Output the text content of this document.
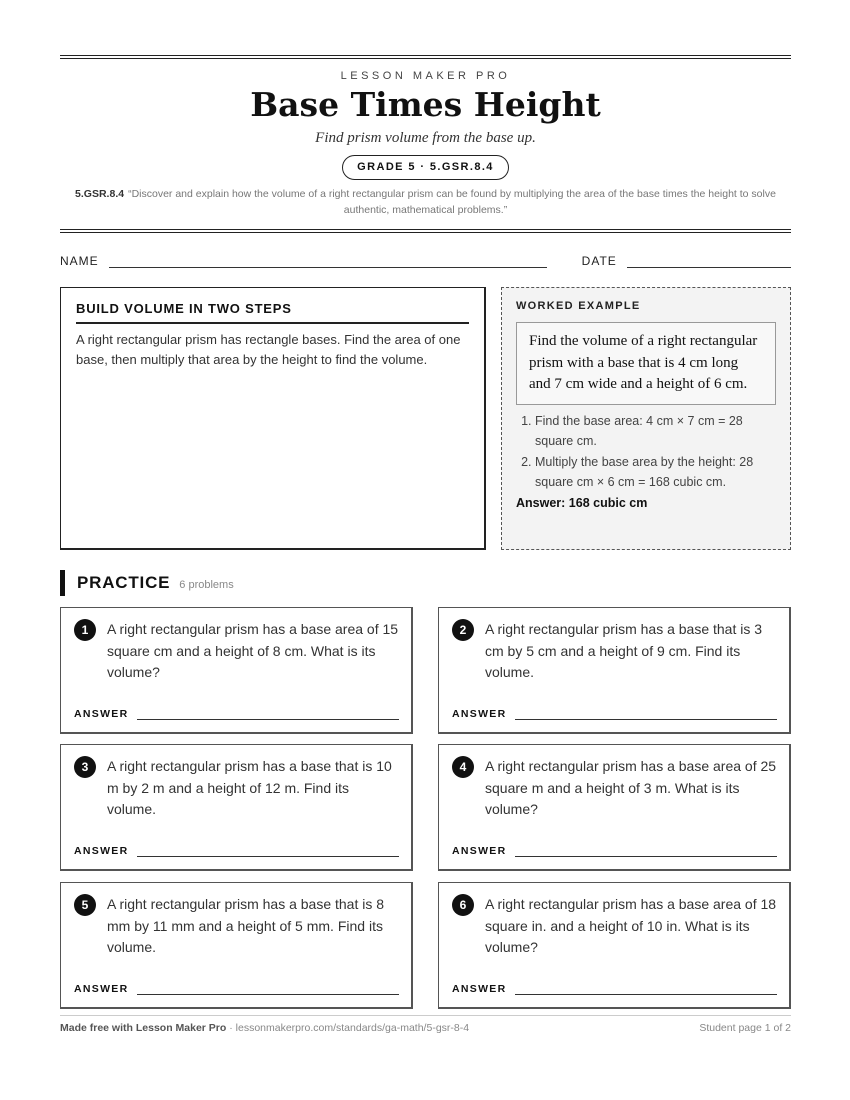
LESSON MAKER PRO
Base Times Height
Find prism volume from the base up.
GRADE 5 · 5.GSR.8.4
5.GSR.8.4 “Discover and explain how the volume of a right rectangular prism can be found by multiplying the area of the base times the height to solve authentic, mathematical problems.”
NAME	DATE
BUILD VOLUME IN TWO STEPS
A right rectangular prism has rectangle bases. Find the area of one base, then multiply that area by the height to find the volume.
WORKED EXAMPLE
Find the volume of a right rectangular prism with a base that is 4 cm long and 7 cm wide and a height of 6 cm.
1. Find the base area: 4 cm × 7 cm = 28 square cm.
2. Multiply the base area by the height: 28 square cm × 6 cm = 168 cubic cm.
Answer: 168 cubic cm
PRACTICE 6 problems
1	A right rectangular prism has a base area of 15 square cm and a height of 8 cm. What is its volume?
ANSWER
2	A right rectangular prism has a base that is 3 cm by 5 cm and a height of 9 cm. Find its volume.
ANSWER
3	A right rectangular prism has a base that is 10 m by 2 m and a height of 12 m. Find its volume.
ANSWER
4	A right rectangular prism has a base area of 25 square m and a height of 3 m. What is its volume?
ANSWER
5	A right rectangular prism has a base that is 8 mm by 11 mm and a height of 5 mm. Find its volume.
ANSWER
6	A right rectangular prism has a base area of 18 square in. and a height of 10 in. What is its volume?
ANSWER
Made free with Lesson Maker Pro · lessonmakerpro.com/standards/ga-math/5-gsr-8-4	Student page 1 of 2
